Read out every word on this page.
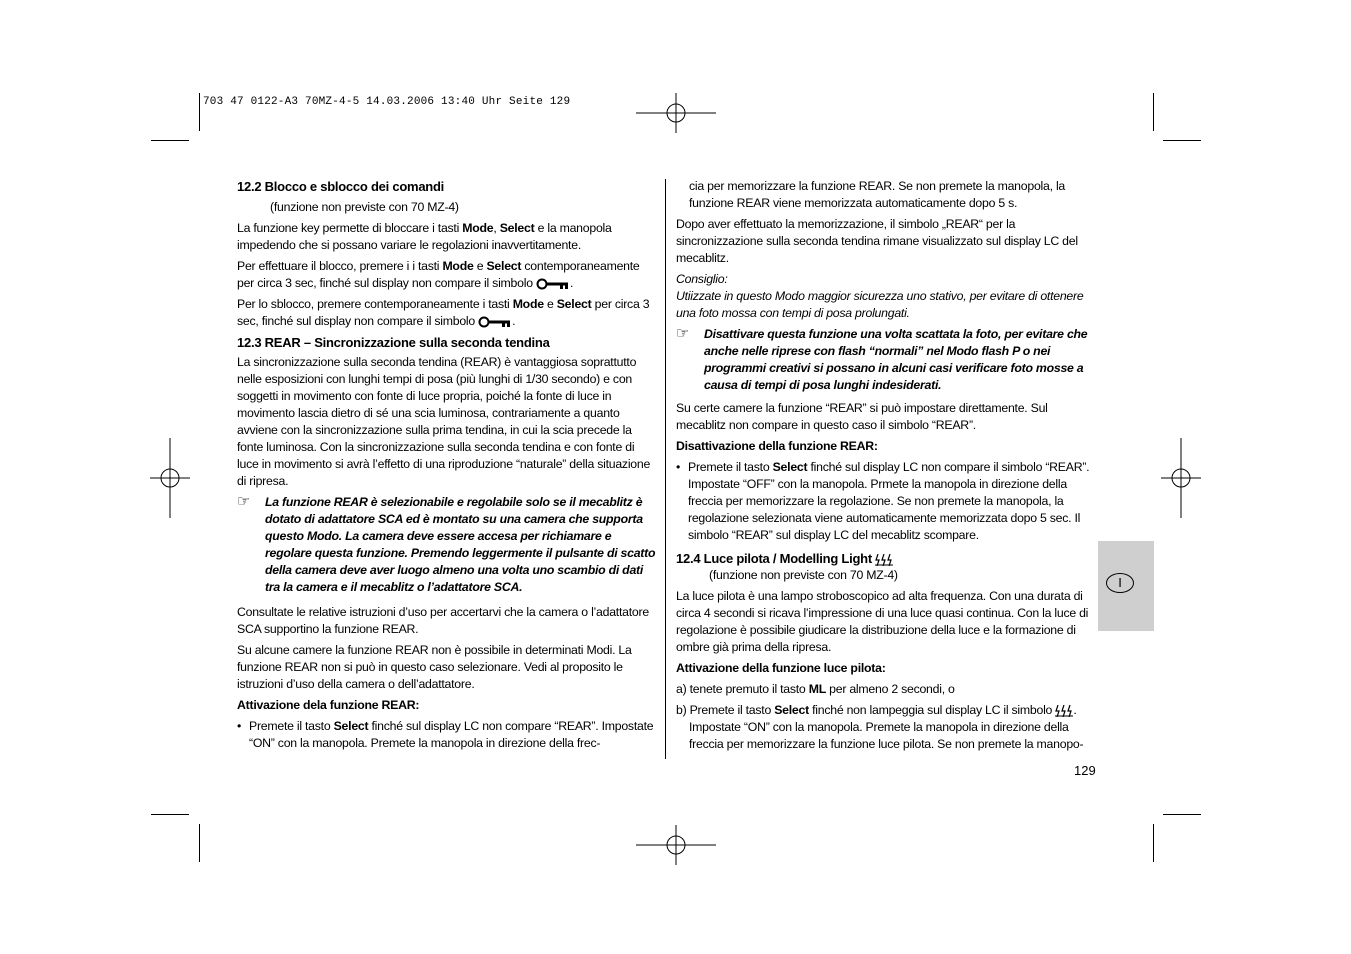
703 47 0122-A3 70MZ-4-5 14.03.2006 13:40 Uhr Seite 129

12.2 Blocco e sblocco dei comandi

(funzione non previste con 70 MZ-4)

La funzione key permette di bloccare i tasti Mode, Select e la manopola impedendo che si possano variare le regolazioni inavvertitamente.

Per effettuare il blocco, premere i i tasti Mode e Select contemporaneamente per circa 3 sec, finché sul display non compare il simbolo	.

Per lo sblocco, premere contemporaneamente i tasti Mode e Select per circa 3 sec, finché sul display non compare il simbolo	.

12.3 REAR – Sincronizzazione sulla seconda tendina

La sincronizzazione sulla seconda tendina (REAR) è vantaggiosa soprattutto nelle esposizioni con lunghi tempi di posa (più lunghi di 1/30 secondo) e con soggetti in movimento con fonte di luce propria, poiché la fonte di luce in movimento lascia dietro di sé una scia luminosa, contrariamente a quanto avviene con la sincronizzazione sulla prima tendina, in cui la scia precede la fonte luminosa. Con la sincronizzazione sulla seconda tendina e con fonte di luce in movimento si avrà l’effetto di una riproduzione “naturale” della situazione di ripresa.

☞ La funzione REAR è selezionabile e regolabile solo se il mecablitz è dotato di adattatore SCA ed è montato su una camera che supporta questo Modo. La camera deve essere accesa per richiamare e regolare questa funzione. Premendo leggermente il pulsante di scatto della camera deve aver luogo almeno una volta uno scambio di dati tra la camera e il mecablitz o l’adattatore SCA.

Consultate le relative istruzioni d’uso per accertarvi che la camera o l’adattatore SCA supportino la funzione REAR.

Su alcune camere la funzione REAR non è possibile in determinati Modi. La funzione REAR non si può in questo caso selezionare. Vedi al proposito le istruzioni d’uso della camera o dell’adattatore.

Attivazione dela funzione REAR:

• Premete il tasto Select finché sul display LC non compare “REAR”. Impostate “ON” con la manopola. Premete la manopola in direzione della frec-

cia per memorizzare la funzione REAR. Se non premete la manopola, la funzione REAR viene memorizzata automaticamente dopo 5 s.

Dopo aver effettuato la memorizzazione, il simbolo „REAR“ per la sincronizzazione sulla seconda tendina rimane visualizzato sul display LC del mecablitz.

Consiglio:

Utiizzate in questo Modo maggior sicurezza uno stativo, per evitare di ottenere una foto mossa con tempi di posa prolungati.

☞ Disattivare questa funzione una volta scattata la foto, per evitare che anche nelle riprese con flash “normali” nel Modo flash P o nei programmi creativi si possano in alcuni casi verificare foto mosse a causa di tempi di posa lunghi indesiderati.

Su certe camere la funzione “REAR” si può impostare direttamente. Sul mecablitz non compare in questo caso il simbolo “REAR”.

Disattivazione della funzione REAR:

• Premete il tasto Select finché sul display LC non compare il simbolo “REAR”. Impostate “OFF” con la manopola. Prmete la manopola in direzione della freccia per memorizzare la regolazione. Se non premete la manopola, la regolazione selezionata viene automaticamente memorizzata dopo 5 sec. Il simbolo “REAR” sul display LC del mecablitz scompare.

12.4 Luce pilota / Modelling Light

(funzione non previste con 70 MZ-4)

La luce pilota è una lampo stroboscopico ad alta frequenza. Con una durata di circa 4 secondi si ricava l’impressione di una luce quasi continua. Con la luce di regolazione è possibile giudicare la distribuzione della luce e la formazione di ombre già prima della ripresa.

Attivazione della funzione luce pilota:

a) tenete premuto il tasto ML per almeno 2 secondi, o

b) Premete il tasto Select finché non lampeggia sul display LC il simbolo .

Impostate “ON” con la manopola. Premete la manopola in direzione della freccia per memorizzare la funzione luce pilota. Se non premete la manopo-

I
129
